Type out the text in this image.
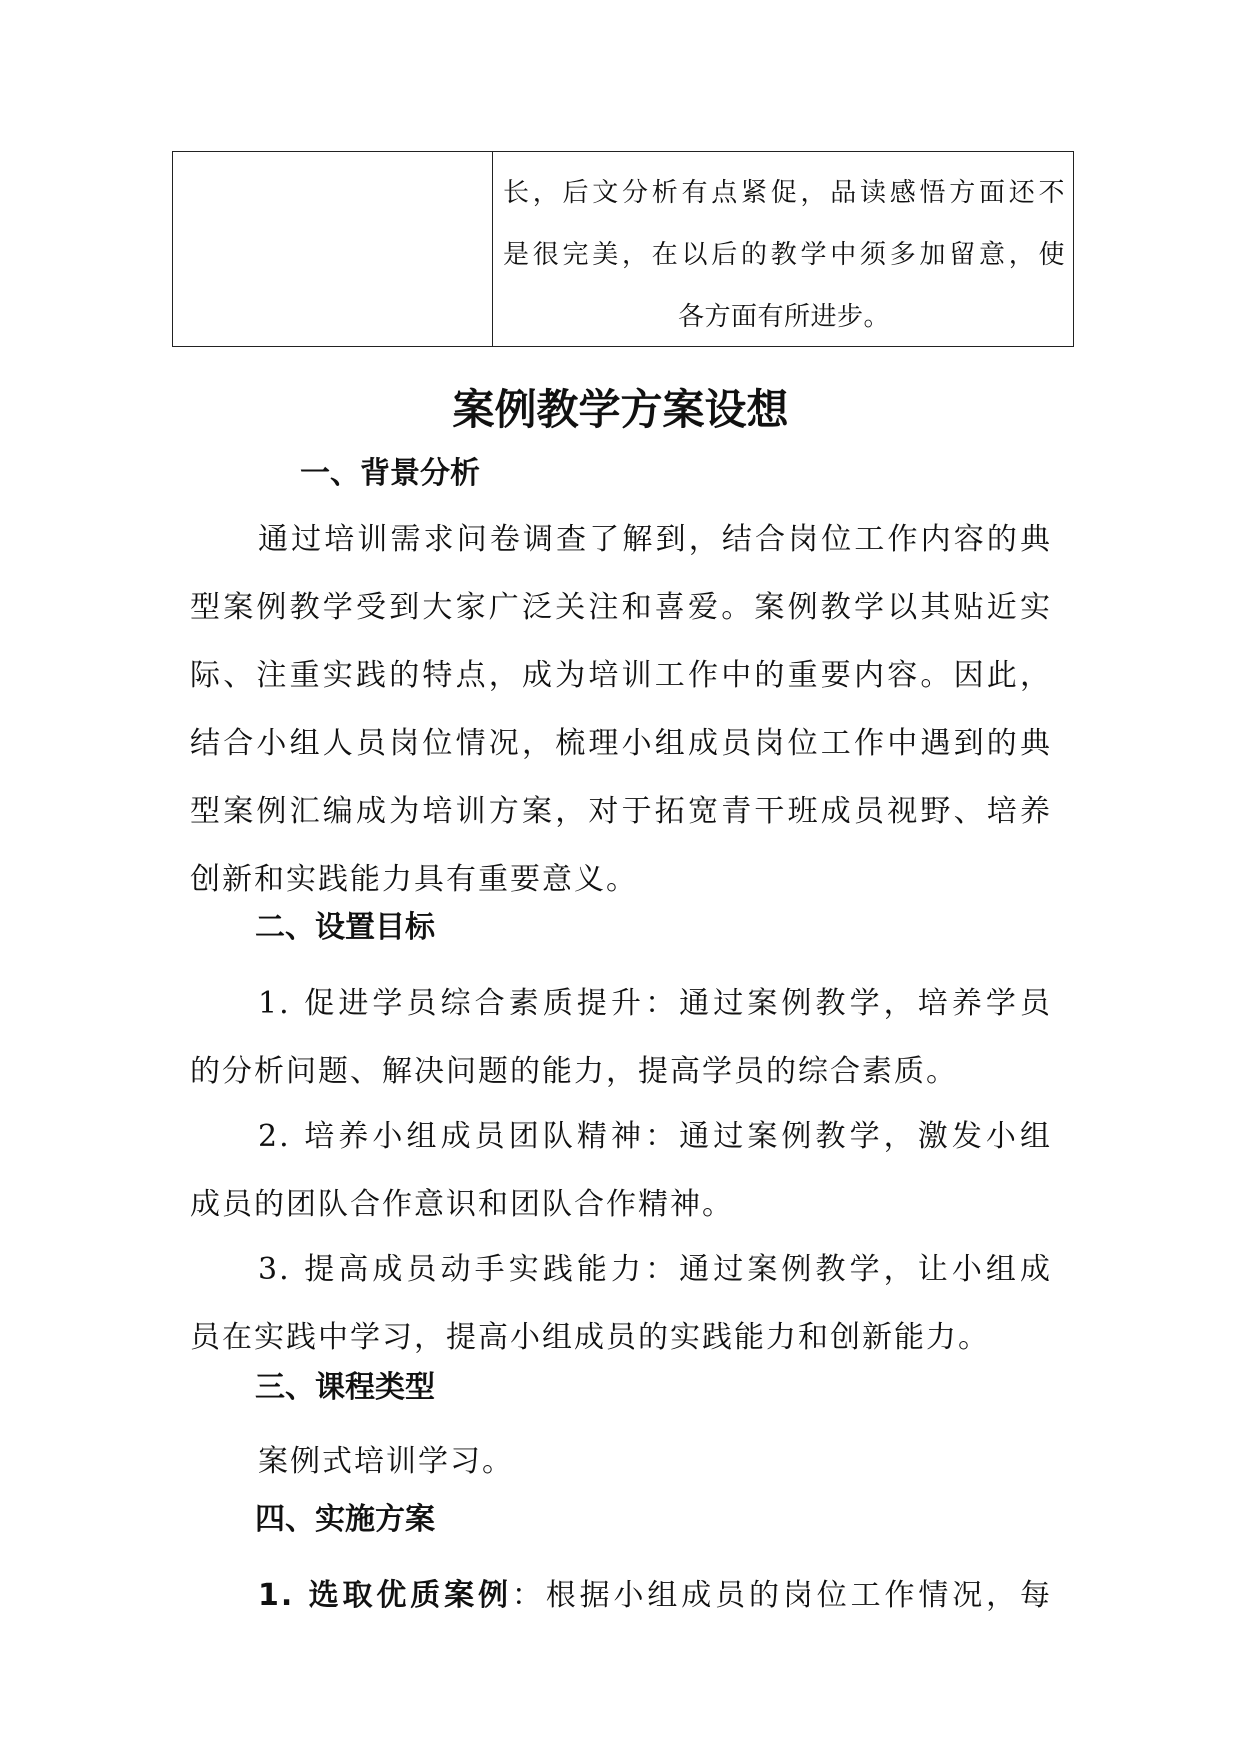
长，后文分析有点紧促，品读感悟方面还不
是很完美，在以后的教学中须多加留意，使
各方面有所进步。
案例教学方案设想
一、背景分析
通过培训需求问卷调查了解到，结合岗位工作内容的典
型案例教学受到大家广泛关注和喜爱。案例教学以其贴近实
际、注重实践的特点，成为培训工作中的重要内容。因此，
结合小组人员岗位情况，梳理小组成员岗位工作中遇到的典
型案例汇编成为培训方案，对于拓宽青干班成员视野、培养
创新和实践能力具有重要意义。
二、设置目标
1. 促进学员综合素质提升：通过案例教学，培养学员
的分析问题、解决问题的能力，提高学员的综合素质。
2. 培养小组成员团队精神：通过案例教学，激发小组
成员的团队合作意识和团队合作精神。
3. 提高成员动手实践能力：通过案例教学，让小组成
员在实践中学习，提高小组成员的实践能力和创新能力。
三、课程类型
案例式培训学习。
四、实施方案
1. 选取优质案例：根据小组成员的岗位工作情况，每
